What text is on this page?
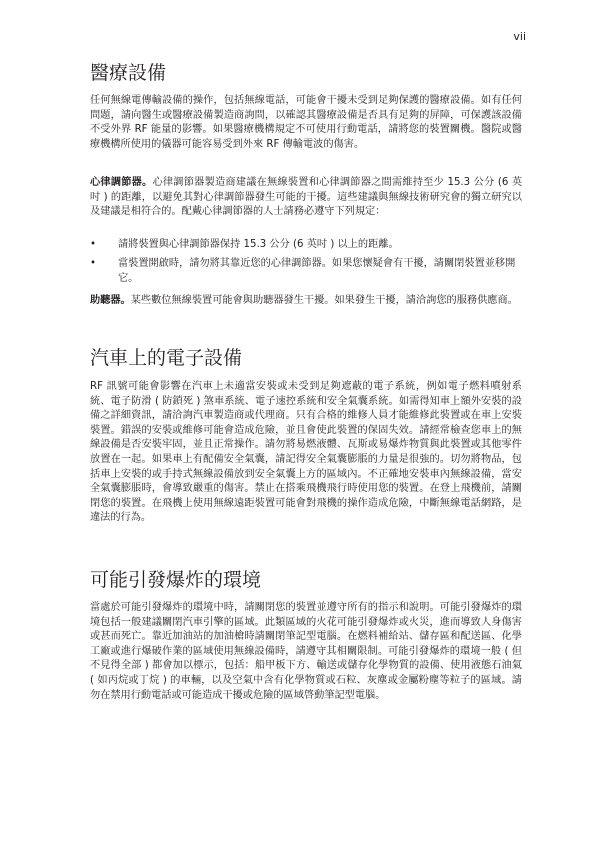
vii
醫療設備

任何無線電傳輸設備的操作，包括無線電話，可能會干擾未受到足夠保護的醫療設備。如有任何問題，請向醫生或醫療設備製造商詢問，以確認其醫療設備是否具有足夠的屏障，可保護該設備不受外界 RF 能量的影響。如果醫療機構規定不可使用行動電話，請將您的裝置關機。醫院或醫療機構所使用的儀器可能容易受到外來 RF 傳輸電波的傷害。

心律調節器。心律調節器製造商建議在無線裝置和心律調節器之間需維持至少 15.3 公分 (6 英吋 ) 的距離，以避免其對心律調節器發生可能的干擾。這些建議與無線技術研究會的獨立研究以及建議是相符合的。配戴心律調節器的人士請務必遵守下列規定：

• 請將裝置與心律調節器保持 15.3 公分 (6 英吋 ) 以上的距離。
• 當裝置開啟時，請勿將其靠近您的心律調節器。如果您懷疑會有干擾，請關閉裝置並移開它。

助聽器。某些數位無線裝置可能會與助聽器發生干擾。如果發生干擾，請洽詢您的服務供應商。

汽車上的電子設備

RF 訊號可能會影響在汽車上未適當安裝或未受到足夠遮蔽的電子系統，例如電子燃料噴射系統、電子防滑 ( 防鎖死 ) 煞車系統、電子速控系統和安全氣囊系統。如需得知車上額外安裝的設備之詳細資訊，請洽詢汽車製造商或代理商。只有合格的維修人員才能維修此裝置或在車上安裝裝置。錯誤的安裝或維修可能會造成危險，並且會使此裝置的保固失效。請經常檢查您車上的無線設備是否安裝牢固，並且正常操作。請勿將易燃液體、瓦斯或易爆炸物質與此裝置或其他零件放置在一起。如果車上有配備安全氣囊，請記得安全氣囊膨脹的力量是很強的。切勿將物品，包括車上安裝的或手持式無線設備放到安全氣囊上方的區域內。不正確地安裝車內無線設備，當安全氣囊膨脹時，會導致嚴重的傷害。禁止在搭乘飛機飛行時使用您的裝置。在登上飛機前，請關閉您的裝置。在飛機上使用無線遠距裝置可能會對飛機的操作造成危險，中斷無線電話網路，是違法的行為。

可能引發爆炸的環境

當處於可能引發爆炸的環境中時，請關閉您的裝置並遵守所有的指示和說明。可能引發爆炸的環境包括一般建議關閉汽車引擎的區域。此類區域的火花可能引發爆炸或火災，進而導致人身傷害或甚而死亡。靠近加油站的加油槍時請關閉筆記型電腦。在燃料補給站、儲存區和配送區、化學工廠或進行爆破作業的區域使用無線設備時，請遵守其相關限制。可能引發爆炸的環境一般 ( 但不見得全部 ) 都會加以標示，包括：船甲板下方、輸送或儲存化學物質的設備、使用液態石油氣 ( 如丙烷或丁烷 ) 的車輛，以及空氣中含有化學物質或石粒、灰塵或金屬粉塵等粒子的區域。請勿在禁用行動電話或可能造成干擾或危險的區域啓動筆記型電腦。
